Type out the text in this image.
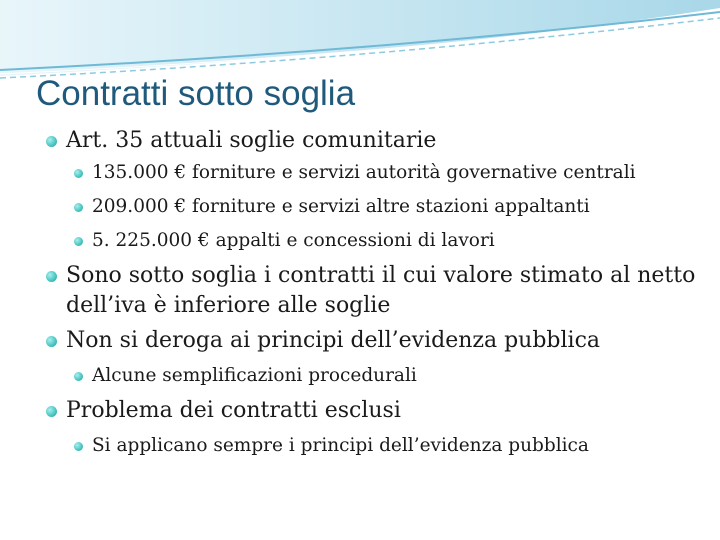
Contratti sotto soglia
Art. 35 attuali soglie comunitarie
135.000 € forniture e servizi autorità governative centrali
209.000 € forniture e servizi altre stazioni appaltanti
5. 225.000 € appalti e concessioni di lavori
Sono sotto soglia i contratti il cui valore stimato al netto dell’iva è inferiore alle soglie
Non si deroga ai principi dell’evidenza pubblica
Alcune semplificazioni procedurali
Problema dei contratti esclusi
Si applicano sempre i principi dell’evidenza pubblica
